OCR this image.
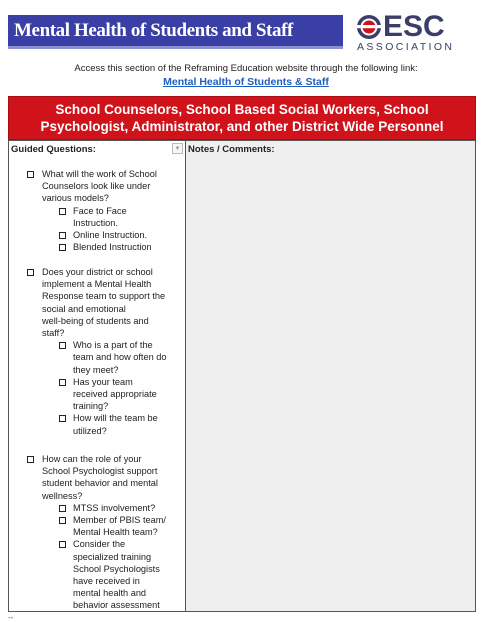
Mental Health of Students and Staff	ESC
ASSOCIATION
Access this section of the Reframing Education website through the following link:
Mental Health of Students & Staff
School Counselors, School Based Social Workers, School
Psychologist, Administrator, and other District Wide Personnel
Guided Questions:	▼
What will the work of School
Counselors look like under
various models?
Face to Face
Instruction.
Online Instruction.
Blended Instruction
Does your district or school
implement a Mental Health
Response team to support the
social and emotional
well-being of students and
staff?
Who is a part of the
team and how often do
they meet?
Has your team
received appropriate
training?
How will the team be
utilized?
How can the role of your
School Psychologist support
student behavior and mental
wellness?
MTSS involvement?
Member of PBIS team/
Mental Health team?
Consider the
specialized training
School Psychologists
have received in
mental health and
behavior assessment
Notes / Comments:
--
